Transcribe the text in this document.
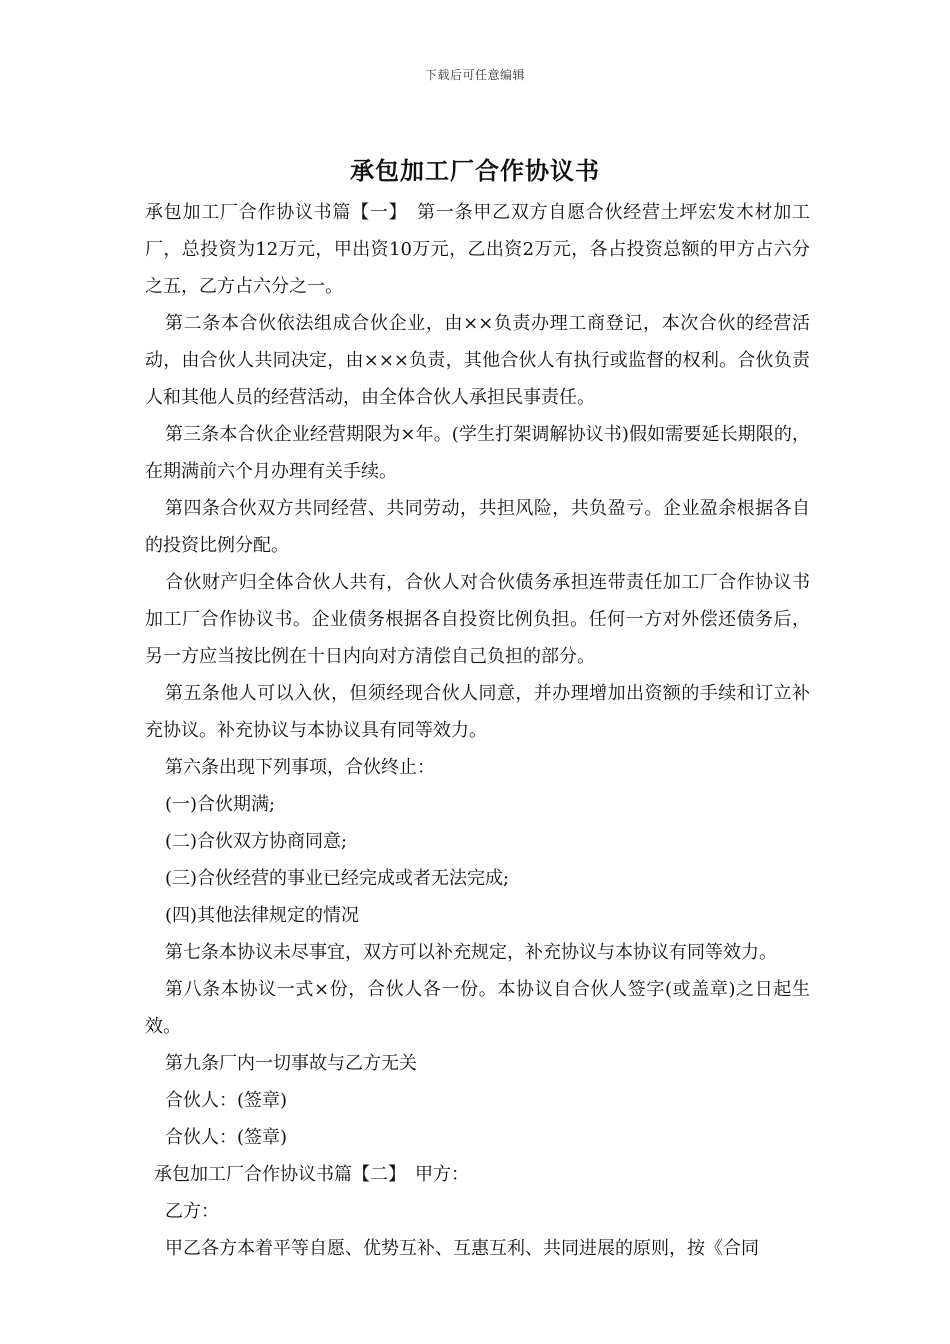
下载后可任意编辑
承包加工厂合作协议书

承包加工厂合作协议书篇【一】　第一条甲乙双方自愿合伙经营土坪宏发木材加工厂，总投资为12万元，甲出资10万元，乙出资2万元，各占投资总额的甲方占六分之五，乙方占六分之一。

第二条本合伙依法组成合伙企业，由××负责办理工商登记，本次合伙的经营活动，由合伙人共同决定，由×××负责，其他合伙人有执行或监督的权利。合伙负责人和其他人员的经营活动，由全体合伙人承担民事责任。

第三条本合伙企业经营期限为×年。(学生打架调解协议书)假如需要延长期限的，在期满前六个月办理有关手续。

第四条合伙双方共同经营、共同劳动，共担风险，共负盈亏。企业盈余根据各自的投资比例分配。

合伙财产归全体合伙人共有，合伙人对合伙债务承担连带责任加工厂合作协议书加工厂合作协议书。企业债务根据各自投资比例负担。任何一方对外偿还债务后，另一方应当按比例在十日内向对方清偿自己负担的部分。

第五条他人可以入伙，但须经现合伙人同意，并办理增加出资额的手续和订立补充协议。补充协议与本协议具有同等效力。

第六条出现下列事项，合伙终止：

(一)合伙期满;

(二)合伙双方协商同意;

(三)合伙经营的事业已经完成或者无法完成;

(四)其他法律规定的情况

第七条本协议未尽事宜，双方可以补充规定，补充协议与本协议有同等效力。

第八条本协议一式×份，合伙人各一份。本协议自合伙人签字(或盖章)之日起生效。

第九条厂内一切事故与乙方无关

合伙人：(签章)

合伙人：(签章)

承包加工厂合作协议书篇【二】　甲方：

乙方：

甲乙各方本着平等自愿、优势互补、互惠互利、共同进展的原则，按《合同
